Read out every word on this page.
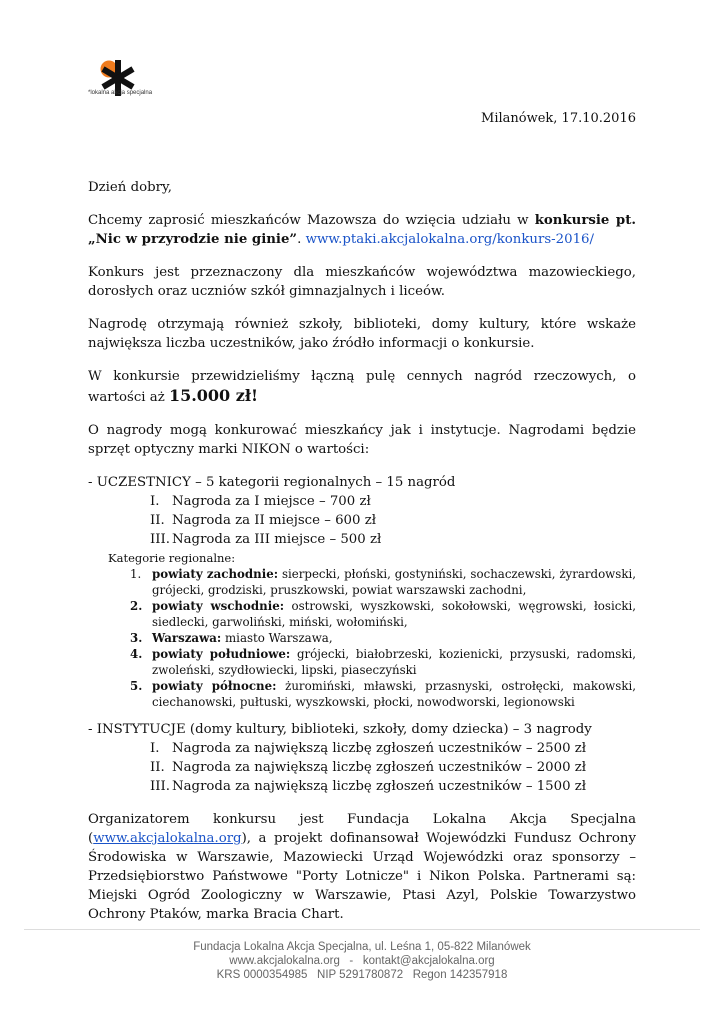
*lokalna akcja specjalna
Milanówek, 17.10.2016

Dzień dobry,

Chcemy zaprosić mieszkańców Mazowsza do wzięcia udziału w konkursie pt. „Nic w przyrodzie nie ginie”. www.ptaki.akcjalokalna.org/konkurs-2016/

Konkurs jest przeznaczony dla mieszkańców województwa mazowieckiego, dorosłych oraz uczniów szkół gimnazjalnych i liceów.

Nagrodę otrzymają również szkoły, biblioteki, domy kultury, które wskaże największa liczba uczestników, jako źródło informacji o konkursie.

W konkursie przewidzieliśmy łączną pulę cennych nagród rzeczowych, o wartości aż 15.000 zł!

O nagrody mogą konkurować mieszkańcy jak i instytucje. Nagrodami będzie sprzęt optyczny marki NIKON o wartości:

- UCZESTNICY – 5 kategorii regionalnych – 15 nagród
I. Nagroda za I miejsce – 700 zł
II. Nagroda za II miejsce – 600 zł
III. Nagroda za III miejsce – 500 zł
Kategorie regionalne:
1. powiaty zachodnie: sierpecki, płoński, gostyniński, sochaczewski, żyrardowski, grójecki, grodziski, pruszkowski, powiat warszawski zachodni,
2. powiaty wschodnie: ostrowski, wyszkowski, sokołowski, węgrowski, łosicki, siedlecki, garwoliński, miński, wołomiński,
3. Warszawa: miasto Warszawa,
4. powiaty południowe: grójecki, białobrzeski, kozienicki, przysuski, radomski, zwoleński, szydłowiecki, lipski, piaseczyński
5. powiaty północne: żuromiński, mławski, przasnyski, ostrołęcki, makowski, ciechanowski, pułtuski, wyszkowski, płocki, nowodworski, legionowski
- INSTYTUCJE (domy kultury, biblioteki, szkoły, domy dziecka) – 3 nagrody
I. Nagroda za największą liczbę zgłoszeń uczestników – 2500 zł
II. Nagroda za największą liczbę zgłoszeń uczestników – 2000 zł
III. Nagroda za największą liczbę zgłoszeń uczestników – 1500 zł

Organizatorem konkursu jest Fundacja Lokalna Akcja Specjalna (www.akcjalokalna.org), a projekt dofinansował Wojewódzki Fundusz Ochrony Środowiska w Warszawie, Mazowiecki Urząd Wojewódzki oraz sponsorzy – Przedsiębiorstwo Państwowe "Porty Lotnicze" i Nikon Polska. Partnerami są: Miejski Ogród Zoologiczny w Warszawie, Ptasi Azyl, Polskie Towarzystwo Ochrony Ptaków, marka Bracia Chart.

Fundacja Lokalna Akcja Specjalna, ul. Leśna 1, 05-822 Milanówek
www.akcjalokalna.org   -   kontakt@akcjalokalna.org
KRS 0000354985   NIP 5291780872   Regon 142357918
